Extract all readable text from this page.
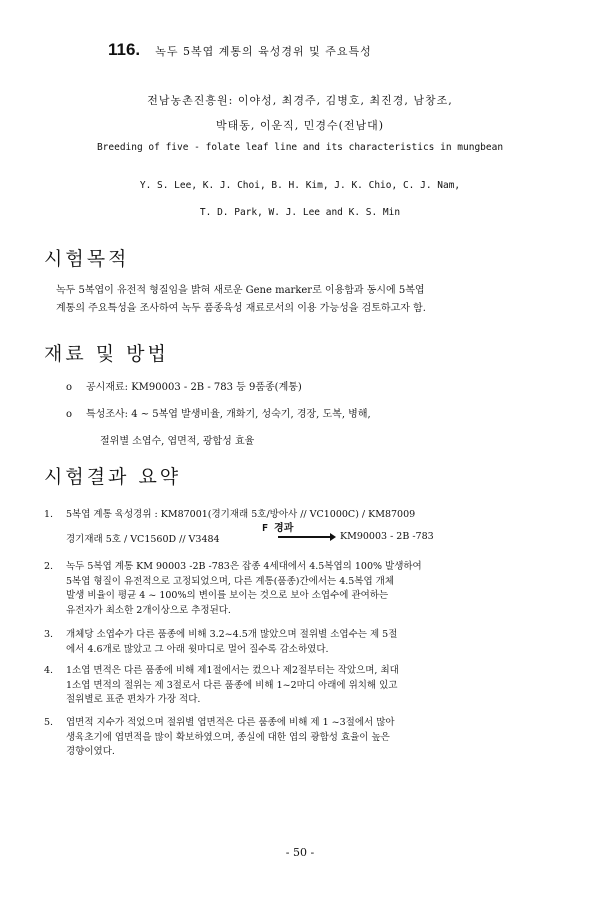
116. 녹두 5복엽 계통의 육성경위 및 주요특성
전남농촌진흥원: 이야성, 최경주, 김병호, 최진경, 남창조,
박태동, 이운직, 민경수(전남대)
Breeding of five - folate leaf line and its characteristics in mungbean
Y. S. Lee, K. J. Choi, B. H. Kim, J. K. Chio, C. J. Nam,
T. D. Park, W. J. Lee and K. S. Min
시험목적
녹두 5복엽이 유전적 형질임을 밝혀 새로운 Gene marker로 이용함과 동시에 5복엽
계통의 주요특성을 조사하여 녹두 품종육성 재료로서의 이용 가능성을 검토하고자 함.
재료 및 방법
o 공시재료: KM90003 - 2B - 783 등 9품종(계통)
o 특성조사: 4 ~ 5복엽 발생비율, 개화기, 성숙기, 경장, 도복, 병해,
절위별 소엽수, 엽면적, 광합성 효율
시험결과 요약
1. 5복엽 계통 육성경위 : KM87001(경기재래 5호/방아사 // VC1000C) / KM87009
F 경과
경기재래 5호 / VC1560D // V3484	KM90003 - 2B -783
2. 녹두 5복엽 계통 KM 90003 -2B -783은 잡종 4세대에서 4.5복엽의 100% 발생하여
5복엽 형질이 유전적으로 고정되었으며, 다른 계통(품종)간에서는 4.5복엽 개체
발생 비율이 평균 4 ~ 100%의 변이를 보이는 것으로 보아 소엽수에 관여하는
유전자가 최소한 2개이상으로 추정된다.
3. 개체당 소엽수가 다른 품종에 비해 3.2~4.5개 많았으며 절위별 소엽수는 제 5절
에서 4.6개로 많았고 그 아래 윗마디로 멀어 질수록 감소하였다.
4. 1소엽 면적은 다른 품종에 비해 제1절에서는 컸으나 제2절부터는 작았으며, 최대
1소엽 면적의 절위는 제 3절로서 다른 품종에 비해 1~2마디 아래에 위치해 있고
절위별로 표준 편차가 가장 적다.
5. 엽면적 지수가 적었으며 절위별 엽면적은 다른 품종에 비해 제 1 ~3절에서 많아
생육초기에 엽면적을 많이 확보하였으며, 종실에 대한 엽의 광합성 효율이 높은
경향이였다.
- 50 -
